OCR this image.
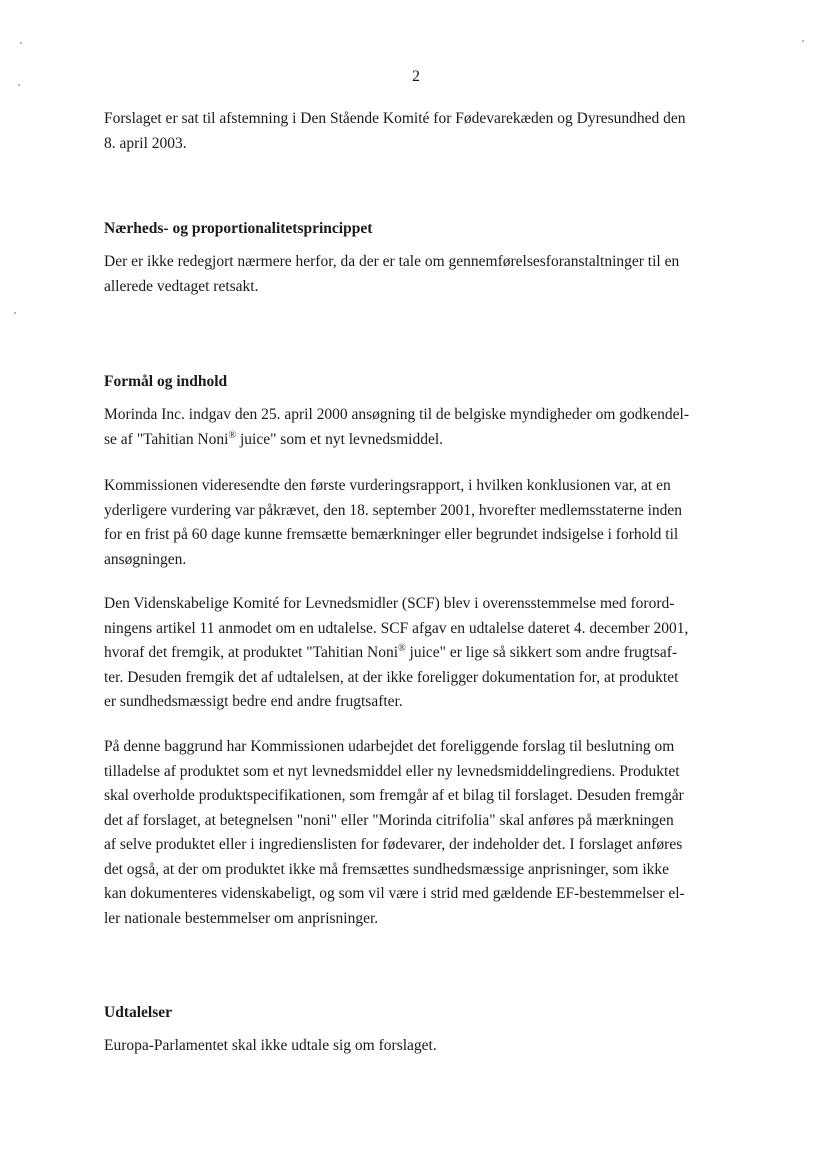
2
Forslaget er sat til afstemning i Den Stående Komité for Fødevarekæden og Dyresundhed den
8. april 2003.
Nærheds- og proportionalitetsprincippet
Der er ikke redegjort nærmere herfor, da der er tale om gennemførelsesforanstaltninger til en
allerede vedtaget retsakt.
Formål og indhold
Morinda Inc. indgav den 25. april 2000 ansøgning til de belgiske myndigheder om godkendel-
se af "Tahitian Noni® juice" som et nyt levnedsmiddel.
Kommissionen videresendte den første vurderingsrapport, i hvilken konklusionen var, at en
yderligere vurdering var påkrævet, den 18. september 2001, hvorefter medlemsstaterne inden
for en frist på 60 dage kunne fremsætte bemærkninger eller begrundet indsigelse i forhold til
ansøgningen.
Den Videnskabelige Komité for Levnedsmidler (SCF) blev i overensstemmelse med forord-
ningens artikel 11 anmodet om en udtalelse. SCF afgav en udtalelse dateret 4. december 2001,
hvoraf det fremgik, at produktet "Tahitian Noni® juice" er lige så sikkert som andre frugtsaf-
ter. Desuden fremgik det af udtalelsen, at der ikke foreligger dokumentation for, at produktet
er sundhedsmæssigt bedre end andre frugtsafter.
På denne baggrund har Kommissionen udarbejdet det foreliggende forslag til beslutning om
tilladelse af produktet som et nyt levnedsmiddel eller ny levnedsmiddelingrediens. Produktet
skal overholde produktspecifikationen, som fremgår af et bilag til forslaget. Desuden fremgår
det af forslaget, at betegnelsen "noni" eller "Morinda citrifolia" skal anføres på mærkningen
af selve produktet eller i ingredienslisten for fødevarer, der indeholder det. I forslaget anføres
det også, at der om produktet ikke må fremsættes sundhedsmæssige anprisninger, som ikke
kan dokumenteres videnskabeligt, og som vil være i strid med gældende EF-bestemmelser el-
ler nationale bestemmelser om anprisninger.
Udtalelser
Europa-Parlamentet skal ikke udtale sig om forslaget.
